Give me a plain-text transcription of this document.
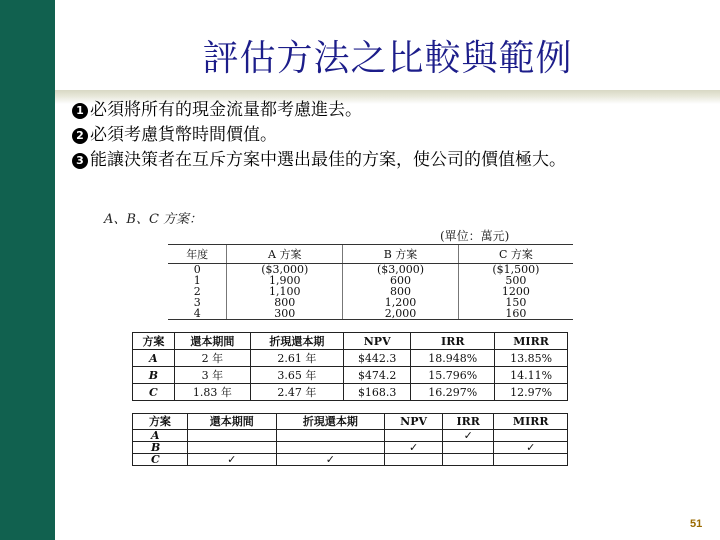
評估方法之比較與範例
1 必須將所有的現金流量都考慮進去。
2 必須考慮貨幣時間價值。
3 能讓決策者在互斥方案中選出最佳的方案，使公司的價值極大。
A、B、C 方案：
(單位：萬元)
年度	A 方案	B 方案	C 方案
0	($3,000)	($3,000)	($1,500)
1	1,900	600	500
2	1,100	800	1200
3	800	1,200	150
4	300	2,000	160
方案	還本期間	折現還本期	NPV	IRR	MIRR
A	2 年	2.61 年	$442.3	18.948%	13.85%
B	3 年	3.65 年	$474.2	15.796%	14.11%
C	1.83 年	2.47 年	$168.3	16.297%	12.97%
方案	還本期間	折現還本期	NPV	IRR	MIRR
A				✓	
B			✓		✓
C	✓	✓			
51
